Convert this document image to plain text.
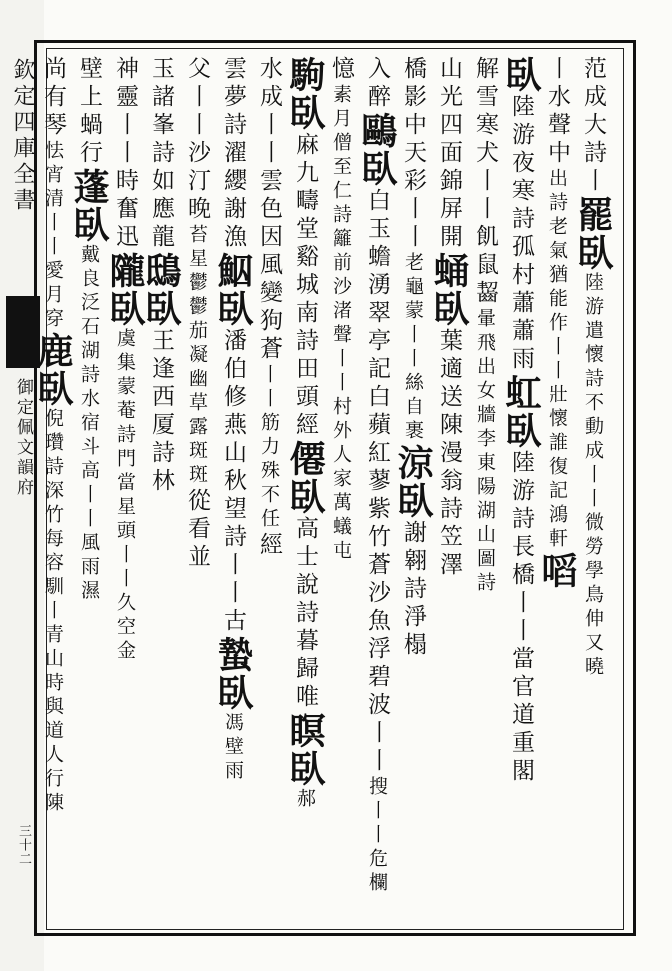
欽定四庫全書
御定佩文韻府
三十二
范成大詩丨罷臥陸游遣懷詩不動成丨丨微勞學鳥伸又曉
丨水聲中出詩老氣猶能作丨丨壯懷誰復記鴻軒㗖
臥陸游夜寒詩孤村蕭蕭雨虹臥陸游詩長橋丨丨當官道重閣
解雪寒犬丨丨飢鼠齧暈飛出女牆李東陽湖山圖詩
山光四面錦屏開蛹臥葉適送陳漫翁詩笠澤
橋影中天彩丨丨老龜蒙丨丨絲自裹涼臥謝翱詩淨榻
入醉鷗臥白玉蟾湧翠亭記白蘋紅蓼紫竹蒼沙魚浮碧波丨丨搜丨丨危欄
憶素月僧至仁詩籬前沙渚聲丨丨村外人家萬蟻屯
駒臥麻九疇堂谿城南詩田頭經僊臥高士說詩暮歸唯瞑臥郝
水成丨丨雲色因風變狗蒼丨丨筋力殊不任經
雲夢詩濯纓謝漁鮂臥潘伯修燕山秋望詩丨丨古蟄臥馮壁雨
父丨丨沙汀晚苔星鬱鬱茄凝幽草露斑斑從看並
玉諸峯詩如應龍鴟臥王逢西厦詩林
神靈丨丨時奮迅隴臥虞集蒙菴詩門當星頭丨丨久空金
壁上蝸行蓬臥戴良泛石湖詩水宿斗高丨丨風雨濕
尚有琴怯宵清丨丨愛月穿鹿臥倪瓚詩深竹每容馴丨青山時與道人行陳
